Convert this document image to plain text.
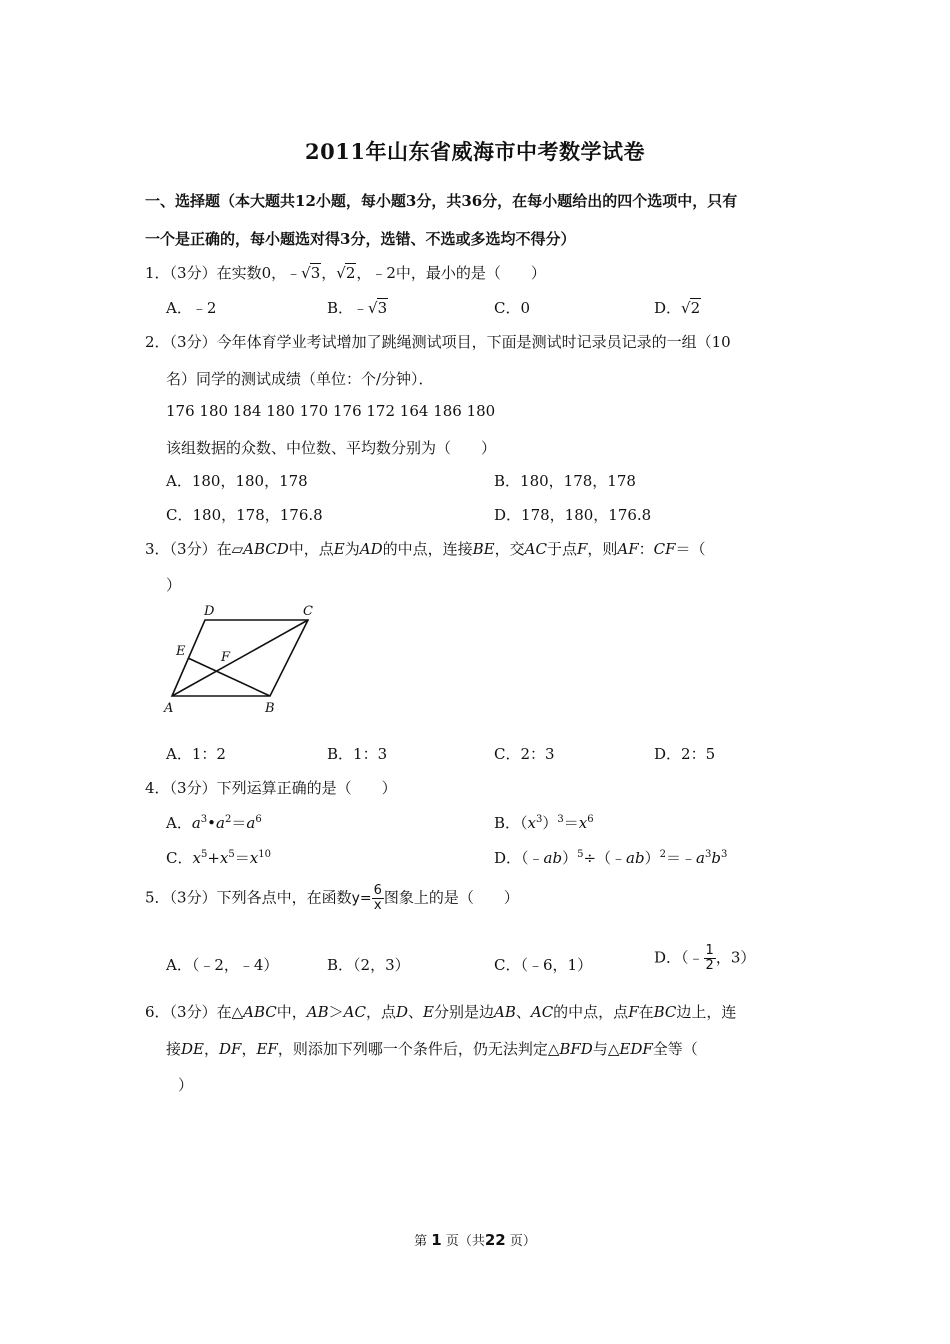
2011年山东省威海市中考数学试卷
一、选择题（本大题共12小题，每小题3分，共36分，在每小题给出的四个选项中，只有
一个是正确的，每小题选对得3分，选错、不选或多选均不得分）
1．（3分）在实数0，﹣√3，√2，﹣2中，最小的是（　　）
A．﹣2	B．﹣√3	C．0	D．√2
2．（3分）今年体育学业考试增加了跳绳测试项目，下面是测试时记录员记录的一组（10
名）同学的测试成绩（单位：个/分钟）．
176 180 184 180 170 176 172 164 186 180
该组数据的众数、中位数、平均数分别为（　　）
A．180，180，178	B．180，178，178
C．180，178，176.8	D．178，180，176.8
3．（3分）在▱ABCD中，点E为AD的中点，连接BE，交AC于点F，则AF：CF＝（
）
D	C
E	F
A	B
A．1：2	B．1：3	C．2：3	D．2：5
4．（3分）下列运算正确的是（　　）
A．$a^3•a^2=a^6$	B．$(x^3)^3=x^6$
C．$x^5+x^5=x^{10}$	D．$(﹣ab)^5\div(﹣ab)^2=﹣a^3b^3$
5．（3分）下列各点中，在函数$y= \frac{6}{x}$ 图象上的是（　　）
A．（﹣2，﹣4）	B．（2，3）	C．（﹣6，1）	D．（﹣ $\frac{1}{2}$ ，3）
6．（3分）在△ABC中，AB＞AC，点D、E分别是边AB、AC的中点，点F在BC边上，连
接DE，DF，EF，则添加下列哪一个条件后，仍无法判定△BFD与△EDF全等（
）
第 1 页（共22 页）
